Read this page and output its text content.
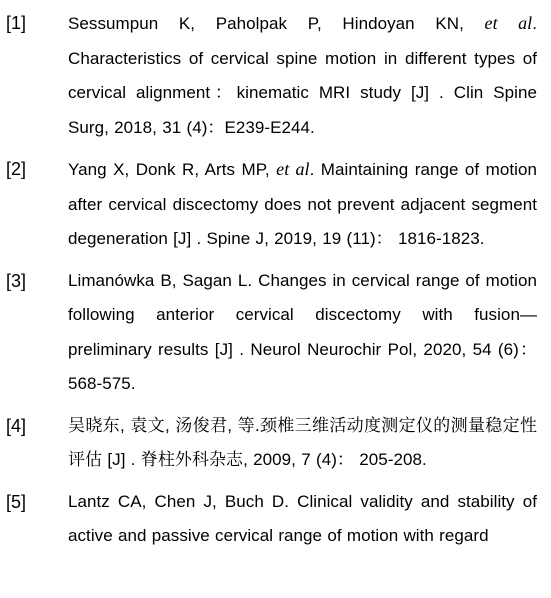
[1] Sessumpun K, Paholpak P, Hindoyan KN, et al. Characteristics of cervical spine motion in different types of cervical alignment：kinematic MRI study [J] . Clin Spine Surg, 2018, 31 (4)：E239-E244.
[2] Yang X, Donk R, Arts MP, et al. Maintaining range of motion after cervical discectomy does not prevent adjacent segment degeneration [J] . Spine J, 2019, 19 (11)： 1816-1823.
[3] Limanówka B, Sagan L. Changes in cervical range of motion following anterior cervical discectomy with fusion—preliminary results [J] . Neurol Neurochir Pol, 2020, 54 (6)：568-575.
[4] 吴晓东, 袁文, 汤俊君, 等.颈椎三维活动度测定仪的测量稳定性评估 [J] . 脊柱外科杂志, 2009, 7 (4)： 205-208.
[5] Lantz CA, Chen J, Buch D. Clinical validity and stability of active and passive cervical range of motion with regard
